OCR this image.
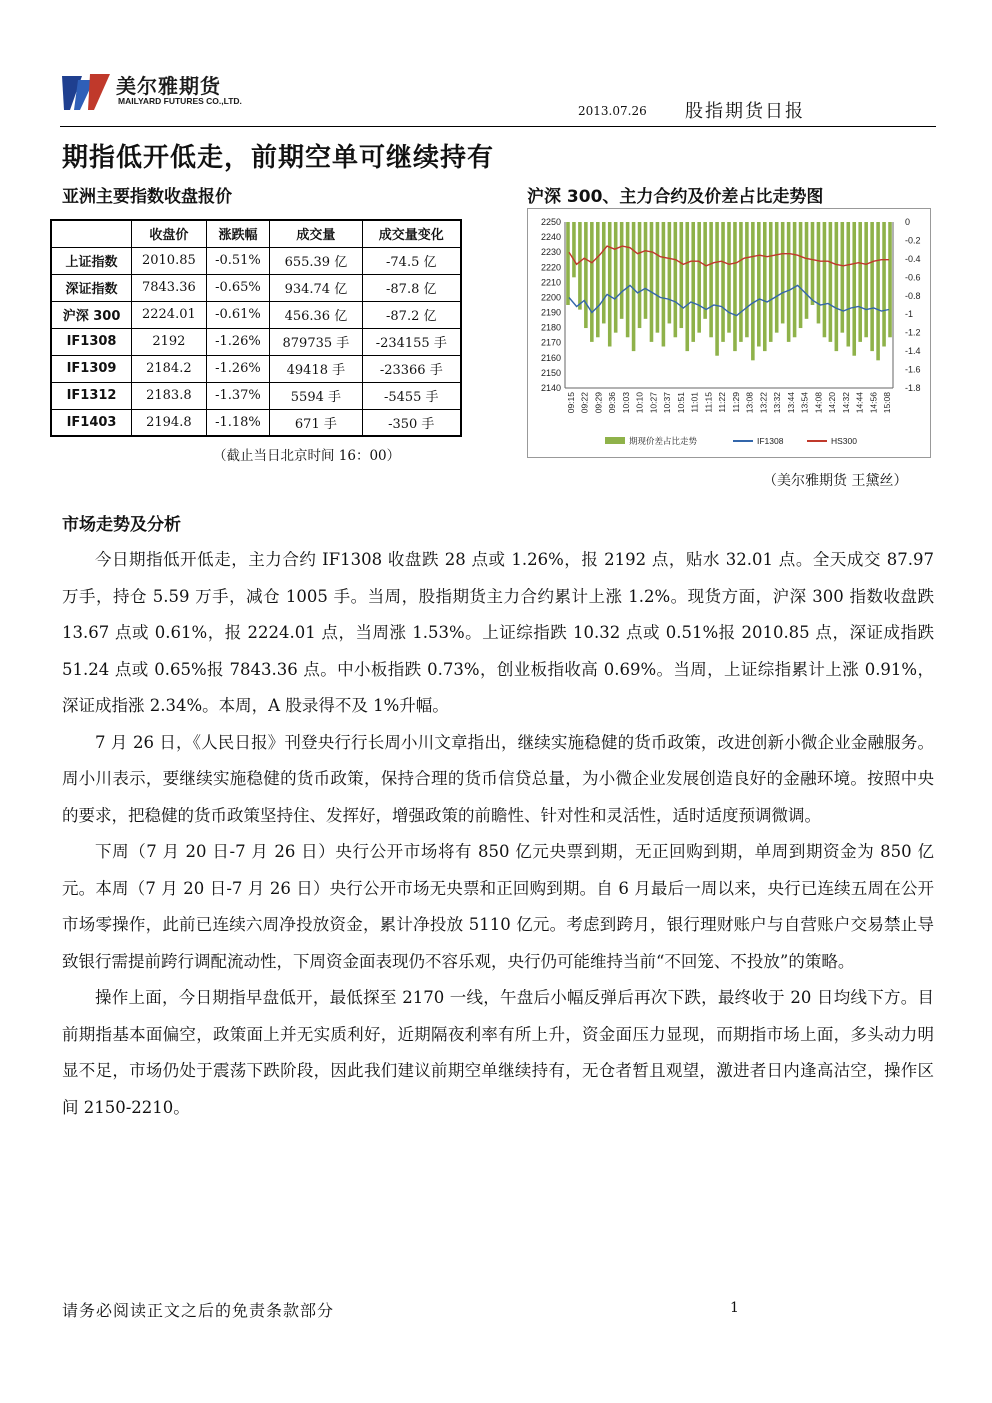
美尔雅期货
MAILYARD FUTURES CO.,LTD.
2013.07.26 股指期货日报
期指低开低走，前期空单可继续持有
亚洲主要指数收盘报价	沪深 300、主力合约及价差占比走势图
	收盘价	涨跌幅	成交量	成交量变化
上证指数	2010.85	-0.51%	655.39 亿	-74.5 亿
深证指数	7843.36	-0.65%	934.74 亿	-87.8 亿
沪深 300	2224.01	-0.61%	456.36 亿	-87.2 亿
IF1308	2192	-1.26%	879735 手	-234155 手
IF1309	2184.2	-1.26%	49418 手	-23366 手
IF1312	2183.8	-1.37%	5594 手	-5455 手
IF1403	2194.8	-1.18%	671 手	-350 手
（截止当日北京时间 16：00）
2250
2240
2230
2220
2210
2200
2190
2180
2170
2160
2150
2140
0
-0.2
-0.4
-0.6
-0.8
-1
-1.2
-1.4
-1.6
-1.8
09:15 09:22 09:29 09:36 10:03 10:10 10:27 10:37 10:51 11:01 11:15 11:22 11:29 13:08 13:22 13:32 13:44 13:54 14:08 14:20 14:32 14:44 14:56 15:08
期现价差占比走势	IF1308	HS300
（美尔雅期货 王黛丝）
市场走势及分析

今日期指低开低走，主力合约 IF1308 收盘跌 28 点或 1.26%，报 2192 点，贴水 32.01 点。全天成交 87.97 万手，持仓 5.59 万手，减仓 1005 手。当周，股指期货主力合约累计上涨 1.2%。现货方面，沪深 300 指数收盘跌 13.67 点或 0.61%，报 2224.01 点，当周涨 1.53%。上证综指跌 10.32 点或 0.51%报 2010.85 点，深证成指跌 51.24 点或 0.65%报 7843.36 点。中小板指跌 0.73%，创业板指收高 0.69%。当周，上证综指累计上涨 0.91%，深证成指涨 2.34%。本周，A 股录得不及 1%升幅。

7 月 26 日，《人民日报》刊登央行行长周小川文章指出，继续实施稳健的货币政策，改进创新小微企业金融服务。周小川表示，要继续实施稳健的货币政策，保持合理的货币信贷总量，为小微企业发展创造良好的金融环境。按照中央的要求，把稳健的货币政策坚持住、发挥好，增强政策的前瞻性、针对性和灵活性，适时适度预调微调。

下周（7 月 20 日-7 月 26 日）央行公开市场将有 850 亿元央票到期，无正回购到期，单周到期资金为 850 亿元。本周（7 月 20 日-7 月 26 日）央行公开市场无央票和正回购到期。自 6 月最后一周以来，央行已连续五周在公开市场零操作，此前已连续六周净投放资金，累计净投放 5110 亿元。考虑到跨月，银行理财账户与自营账户交易禁止导致银行需提前跨行调配流动性，下周资金面表现仍不容乐观，央行仍可能维持当前“不回笼、不投放”的策略。

操作上面，今日期指早盘低开，最低探至 2170 一线，午盘后小幅反弹后再次下跌，最终收于 20 日均线下方。目前期指基本面偏空，政策面上并无实质利好，近期隔夜利率有所上升，资金面压力显现，而期指市场上面，多头动力明显不足，市场仍处于震荡下跌阶段，因此我们建议前期空单继续持有，无仓者暂且观望，激进者日内逢高沽空，操作区间 2150-2210。

请务必阅读正文之后的免责条款部分	1
